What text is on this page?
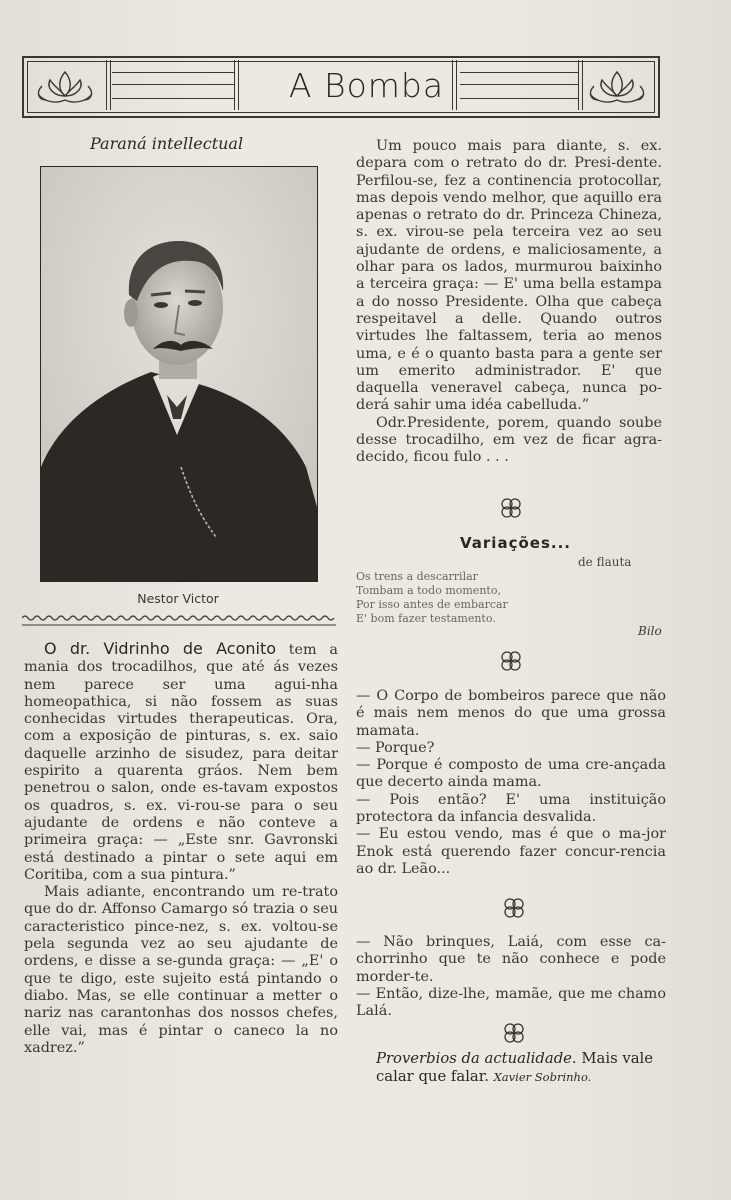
A Bomba
Paraná intellectual
Nestor Victor

O dr. Vidrinho de Aconito tem a mania dos trocadilhos, que até ás vezes nem parece ser uma agui-nha homeopathica, si não fossem as suas conhecidas virtudes therapeuticas. Ora, com a exposição de pinturas, s. ex. saio daquelle arzinho de sisudez, para deitar espirito a quarenta gráos. Nem bem penetrou o salon, onde es-tavam expostos os quadros, s. ex. vi-rou-se para o seu ajudante de ordens e não conteve a primeira graça: — „Este snr. Gavronski está destinado a pintar o sete aqui em Coritiba, com a sua pintura.”

Mais adiante, encontrando um re-trato que do dr. Affonso Camargo só trazia o seu caracteristico pince-nez, s. ex. voltou-se pela segunda vez ao seu ajudante de ordens, e disse a se-gunda graça: — „E' o que te digo, este sujeito está pintando o diabo. Mas, se elle continuar a metter o nariz nas carantonhas dos nossos chefes, elle vai, mas é pintar o caneco la no xadrez.”

Um pouco mais para diante, s. ex. depara com o retrato do dr. Presi-dente. Perfilou-se, fez a continencia protocollar, mas depois vendo melhor, que aquillo era apenas o retrato do dr. Princeza Chineza, s. ex. virou-se pela terceira vez ao seu ajudante de ordens, e maliciosamente, a olhar para os lados, murmurou baixinho a terceira graça: — E' uma bella estampa a do nosso Presidente. Olha que cabeça respeitavel a delle. Quando outros virtudes lhe faltassem, teria ao menos uma, e é o quanto basta para a gente ser um emerito administrador. E' que daquella veneravel cabeça, nunca po-derá sahir uma idéa cabelluda.”

Odr.Presidente, porem, quando soube desse trocadilho, em vez de ficar agra-decido, ficou fulo . . .

Variações...
de flauta
Os trens a descarrilar
Tombam a todo momento,
Por isso antes de embarcar
E' bom fazer testamento.
Bilo

— O Corpo de bombeiros parece que não é mais nem menos do que uma grossa mamata.

— Porque?

— Porque é composto de uma cre-ançada que decerto ainda mama.

— Pois então? E' uma instituição protectora da infancia desvalida.

— Eu estou vendo, mas é que o ma-jor Enok está querendo fazer concur-rencia ao dr. Leão...

— Não brinques, Laiá, com esse ca-chorrinho que te não conhece e pode morder-te.

— Então, dize-lhe, mamãe, que me chamo Lalá.

Proverbios da actualidade. Mais vale calar que falar. Xavier Sobrinho.
